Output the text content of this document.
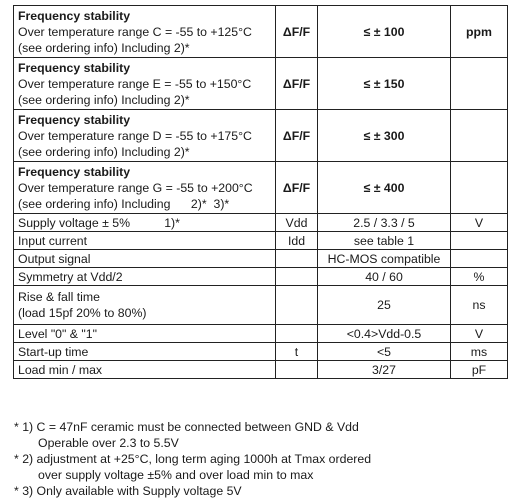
Frequency stability
Over temperature range C = -55 to +125°C
(see ordering info) Including 2)*	ΔF/F	≤ ± 100	ppm

Frequency stability
Over temperature range E = -55 to +150°C
(see ordering info) Including 2)*	ΔF/F	≤ ± 150	

Frequency stability
Over temperature range D = -55 to +175°C
(see ordering info) Including 2)*	ΔF/F	≤ ± 300	

Frequency stability
Over temperature range G = -55 to +200°C
(see ordering info) Including      2)*  3)*	ΔF/F	≤ ± 400	
Supply voltage ± 5%          1)*	Vdd	2.5 / 3.3 / 5	V
Input current	Idd	see table 1	
Output signal		HC-MOS compatible	
Symmetry at Vdd/2		40 / 60	%

Rise & fall time
(load 15pf 20% to 80%)		25	ns
Level "0" & "1"		<0.4>Vdd-0.5	V
Start-up time	t	<5	ms
Load min / max		3/27	pF
* 1) C = 47nF ceramic must be connected between GND & Vdd
Operable over 2.3 to 5.5V
* 2) adjustment at +25°C, long term aging 1000h at Tmax ordered
over supply voltage ±5% and over load min to max
* 3) Only available with Supply voltage 5V
